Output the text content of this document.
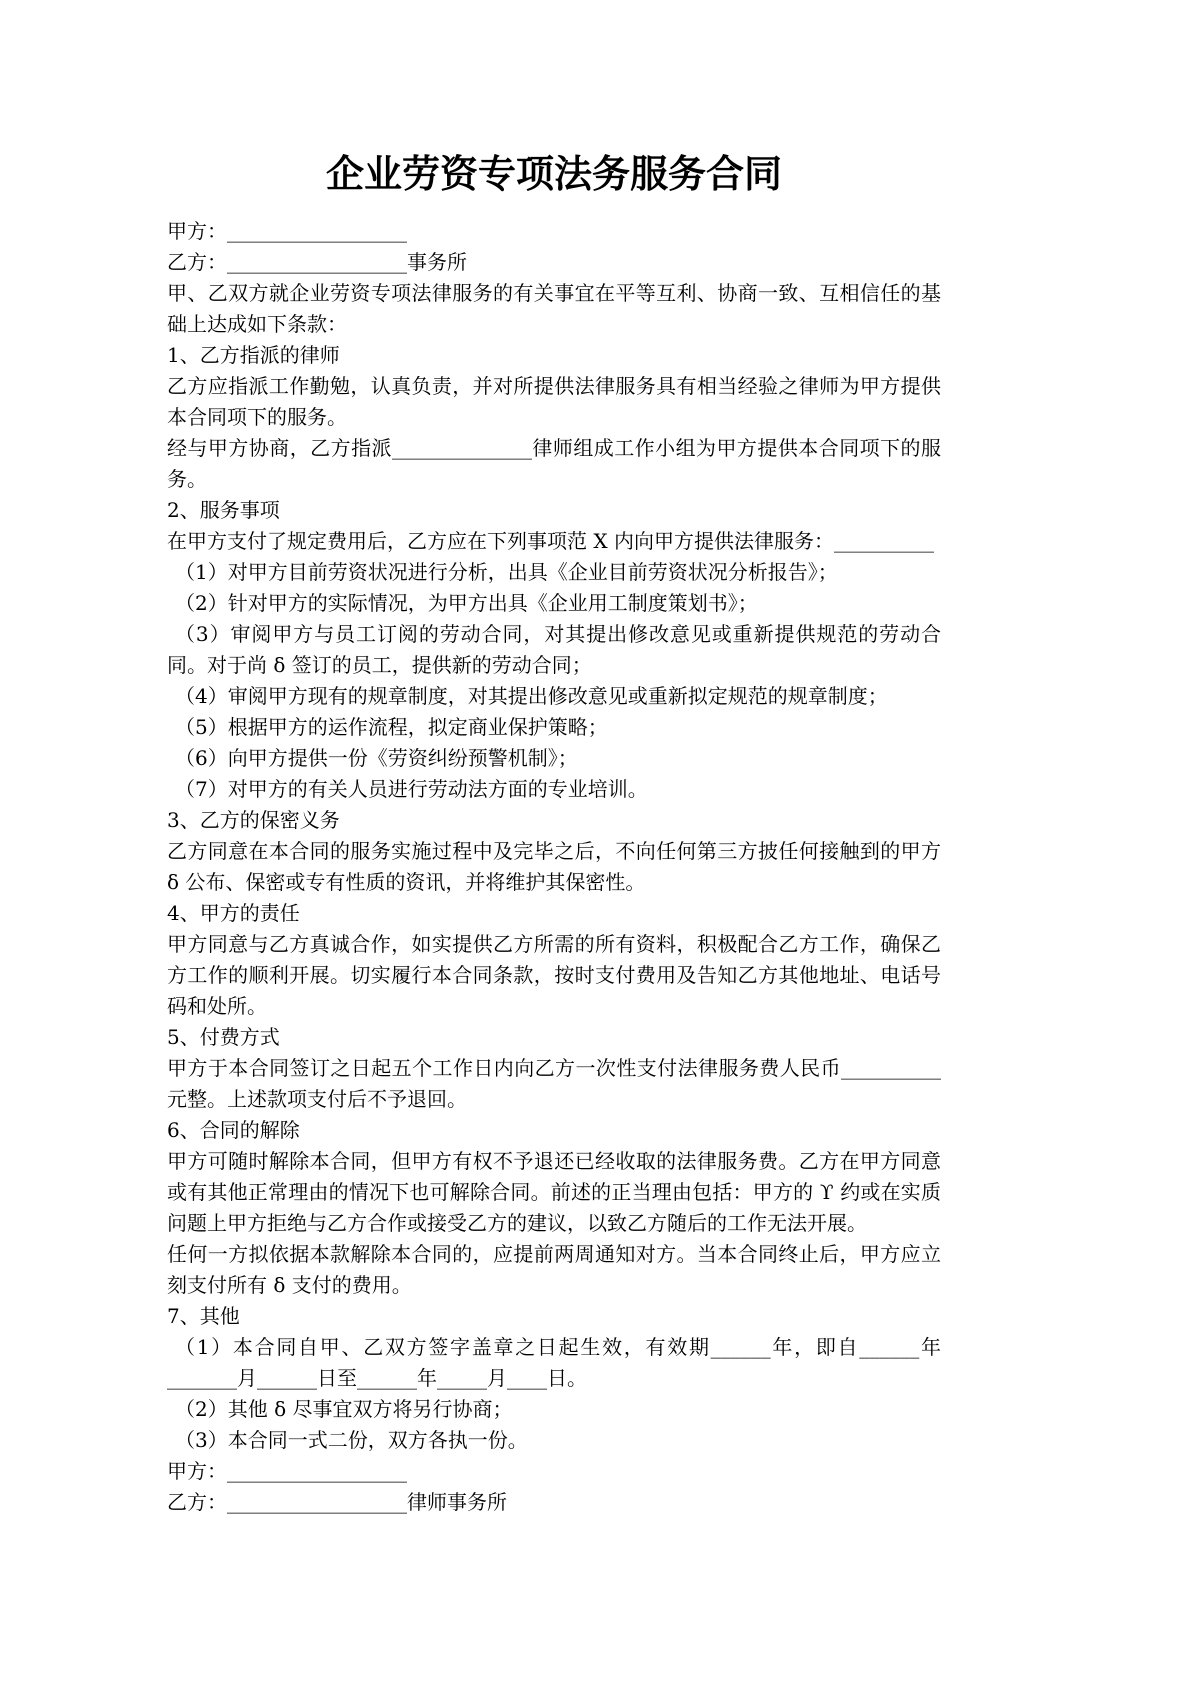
企业劳资专项法务服务合同

甲方：__________________

乙方：__________________事务所

甲、乙双方就企业劳资专项法律服务的有关事宜在平等互利、协商一致、互相信任的基础上达成如下条款：

1、乙方指派的律师

乙方应指派工作勤勉，认真负责，并对所提供法律服务具有相当经验之律师为甲方提供本合同项下的服务。

经与甲方协商，乙方指派______________律师组成工作小组为甲方提供本合同项下的服务。

2、服务事项

在甲方支付了规定费用后，乙方应在下列事项范 X 内向甲方提供法律服务：__________

（1）对甲方目前劳资状况进行分析，出具《企业目前劳资状况分析报告》；

（2）针对甲方的实际情况，为甲方出具《企业用工制度策划书》；

（3）审阅甲方与员工订阅的劳动合同，对其提出修改意见或重新提供规范的劳动合同。对于尚 δ 签订的员工，提供新的劳动合同；

（4）审阅甲方现有的规章制度，对其提出修改意见或重新拟定规范的规章制度；

（5）根据甲方的运作流程，拟定商业保护策略；

（6）向甲方提供一份《劳资纠纷预警机制》；

（7）对甲方的有关人员进行劳动法方面的专业培训。

3、乙方的保密义务

乙方同意在本合同的服务实施过程中及完毕之后，不向任何第三方披任何接触到的甲方 δ 公布、保密或专有性质的资讯，并将维护其保密性。

4、甲方的责任

甲方同意与乙方真诚合作，如实提供乙方所需的所有资料，积极配合乙方工作，确保乙方工作的顺利开展。切实履行本合同条款，按时支付费用及告知乙方其他地址、电话号码和处所。

5、付费方式

甲方于本合同签订之日起五个工作日内向乙方一次性支付法律服务费人民币__________元整。上述款项支付后不予退回。

6、合同的解除

甲方可随时解除本合同，但甲方有权不予退还已经收取的法律服务费。乙方在甲方同意或有其他正常理由的情况下也可解除合同。前述的正当理由包括：甲方的 ϒ 约或在实质问题上甲方拒绝与乙方合作或接受乙方的建议，以致乙方随后的工作无法开展。

任何一方拟依据本款解除本合同的，应提前两周通知对方。当本合同终止后，甲方应立刻支付所有 δ 支付的费用。

7、其他

（1）本合同自甲、乙双方签字盖章之日起生效，有效期______年，即自______年_______月______日至______年_____月____日。

（2）其他 δ 尽事宜双方将另行协商；

（3）本合同一式二份，双方各执一份。

甲方：__________________

乙方：__________________律师事务所
